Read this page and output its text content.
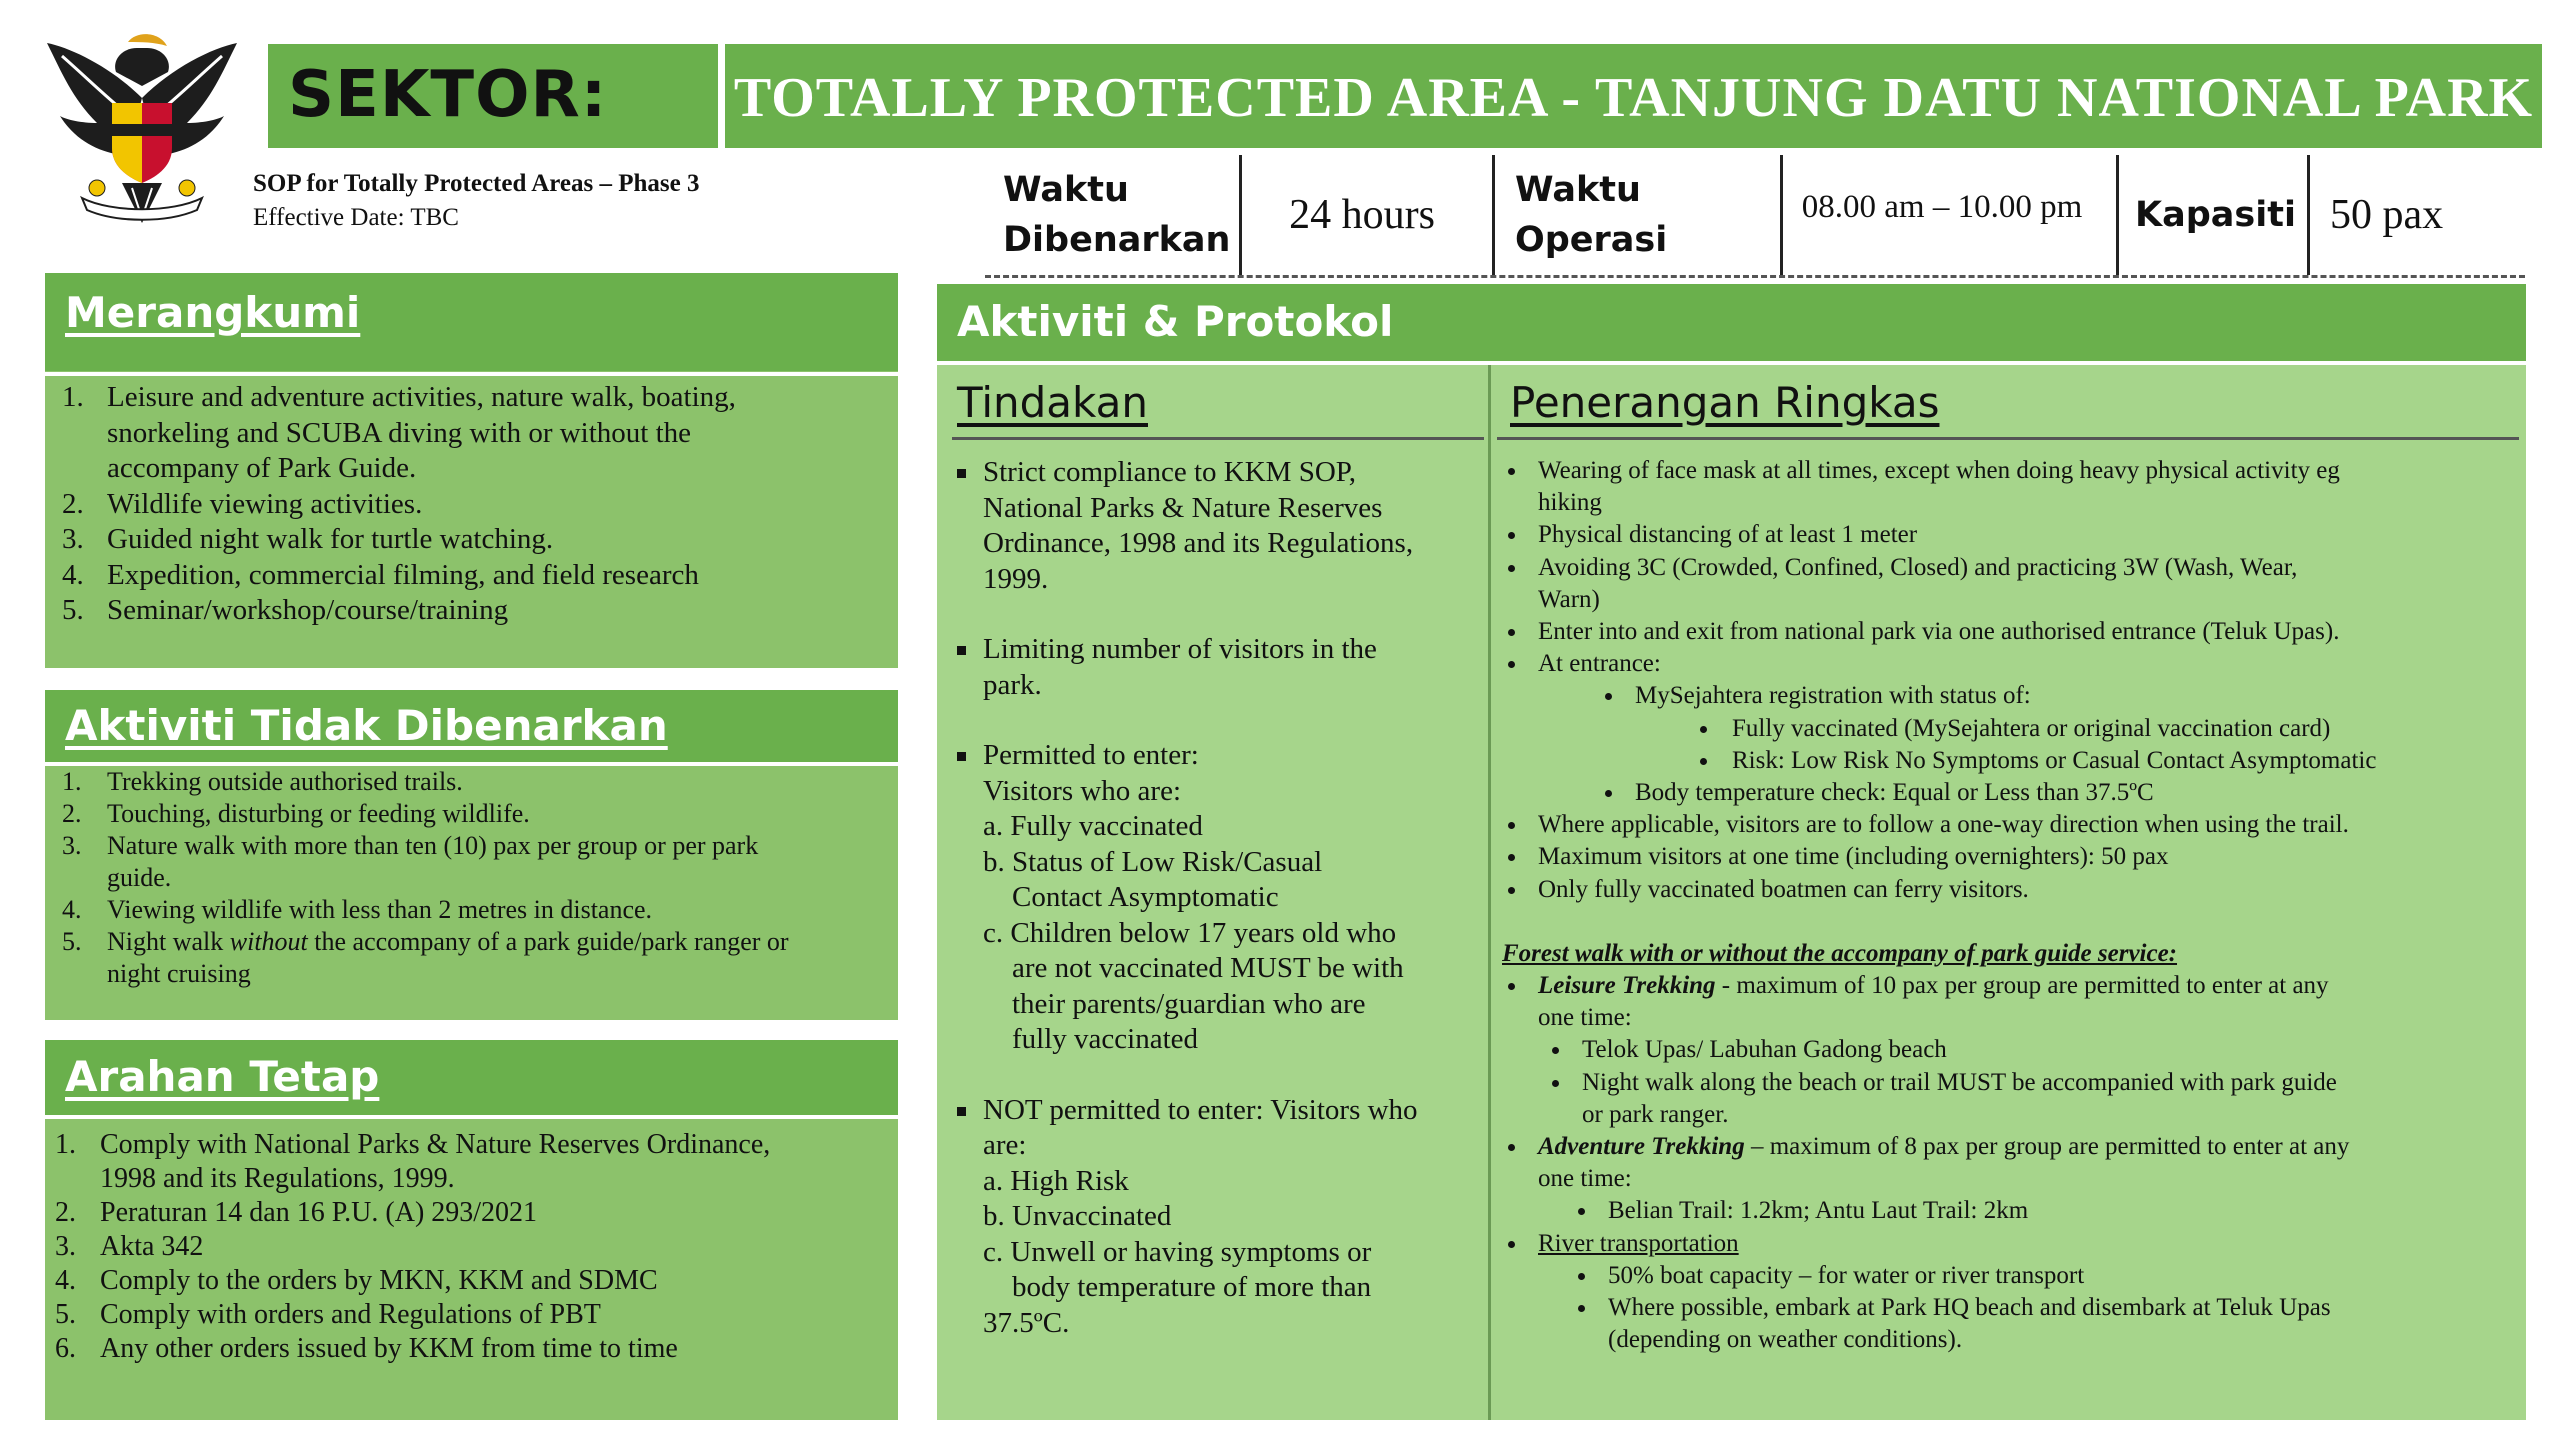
SEKTOR: TOTALLY PROTECTED AREA - TANJUNG DATU NATIONAL PARK
SOP for Totally Protected Areas – Phase 3
Effective Date: TBC
Waktu
Dibenarkan
24 hours
Waktu
Operasi
08.00 am – 10.00 pm Kapasiti 50 pax
Merangkumi
1. Leisure and adventure activities, nature walk, boating,
snorkeling and SCUBA diving with or without the
accompany of Park Guide.
2. Wildlife viewing activities.
3. Guided night walk for turtle watching.
4. Expedition, commercial filming, and field research
5. Seminar/workshop/course/training
Aktiviti Tidak Dibenarkan
1. Trekking outside authorised trails.
2. Touching, disturbing or feeding wildlife.
3. Nature walk with more than ten (10) pax per group or per park
guide.
4. Viewing wildlife with less than 2 metres in distance.
5. Night walk without the accompany of a park guide/park ranger or
night cruising
Arahan Tetap
1. Comply with National Parks & Nature Reserves Ordinance,
1998 and its Regulations, 1999.
2. Peraturan 14 dan 16 P.U. (A) 293/2021
3. Akta 342
4. Comply to the orders by MKN, KKM and SDMC
5. Comply with orders and Regulations of PBT
6. Any other orders issued by KKM from time to time
Aktiviti & Protokol
Tindakan	Penerangan Ringkas
Strict compliance to KKM SOP,
National Parks & Nature Reserves
Ordinance, 1998 and its Regulations,
1999.
Limiting number of visitors in the
park.
Permitted to enter:
Visitors who are:
a. Fully vaccinated
b. Status of Low Risk/Casual
Contact Asymptomatic
c. Children below 17 years old who
are not vaccinated MUST be with
their parents/guardian who are
fully vaccinated
NOT permitted to enter: Visitors who
are:
a. High Risk
b. Unvaccinated
c. Unwell or having symptoms or
body temperature of more than
37.5ºC.
Wearing of face mask at all times, except when doing heavy physical activity eg
hiking
Physical distancing of at least 1 meter
Avoiding 3C (Crowded, Confined, Closed) and practicing 3W (Wash, Wear,
Warn)
Enter into and exit from national park via one authorised entrance (Teluk Upas).
At entrance:
MySejahtera registration with status of:
Fully vaccinated (MySejahtera or original vaccination card)
Risk: Low Risk No Symptoms or Casual Contact Asymptomatic
Body temperature check: Equal or Less than 37.5ºC
Where applicable, visitors are to follow a one-way direction when using the trail.
Maximum visitors at one time (including overnighters): 50 pax
Only fully vaccinated boatmen can ferry visitors.
Forest walk with or without the accompany of park guide service:
Leisure Trekking - maximum of 10 pax per group are permitted to enter at any
one time:
Telok Upas/ Labuhan Gadong beach
Night walk along the beach or trail MUST be accompanied with park guide
or park ranger.
Adventure Trekking – maximum of 8 pax per group are permitted to enter at any
one time:
Belian Trail: 1.2km; Antu Laut Trail: 2km
River transportation
50% boat capacity – for water or river transport
Where possible, embark at Park HQ beach and disembark at Teluk Upas
(depending on weather conditions).
